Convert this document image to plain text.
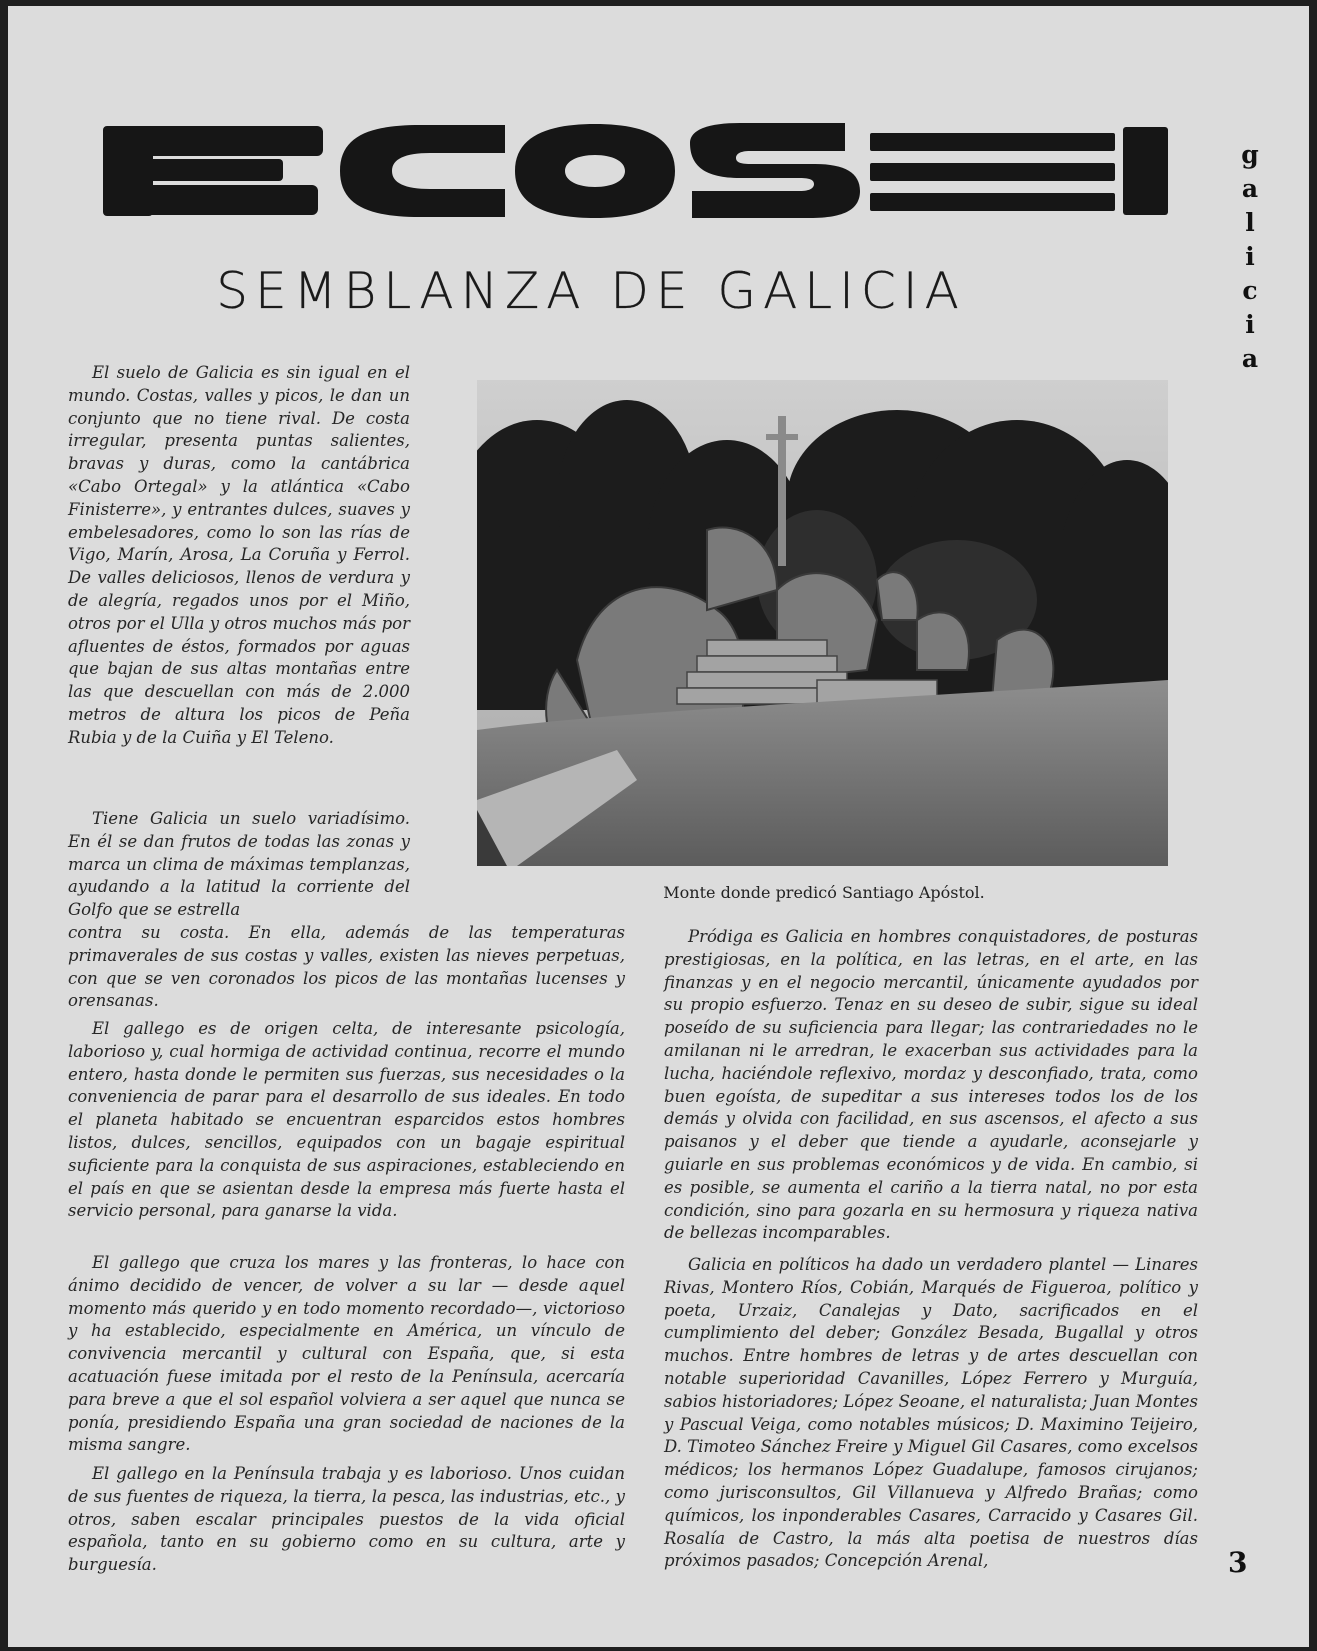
g
a
l
i
c
i
a
SEMBLANZA DE GALICIA
Monte donde predicó Santiago Apóstol.

El suelo de Galicia es sin igual en el mundo. Costas, valles y picos, le dan un conjunto que no tiene rival. De costa irregular, presenta puntas salientes, bravas y duras, como la cantábrica «Cabo Ortegal» y la atlántica «Cabo Finisterre», y entrantes dulces, suaves y embelesadores, como lo son las rías de Vigo, Marín, Arosa, La Coruña y Ferrol. De valles deliciosos, llenos de verdura y de alegría, regados unos por el Miño, otros por el Ulla y otros muchos más por afluentes de éstos, formados por aguas que bajan de sus altas montañas entre las que descuellan con más de 2.000 metros de altura los picos de Peña Rubia y de la Cuiña y El Teleno.

Tiene Galicia un suelo variadísimo. En él se dan frutos de todas las zonas y marca un clima de máximas templanzas, ayudando a la latitud la corriente del Golfo que se estrella

contra su costa. En ella, además de las temperaturas primaverales de sus costas y valles, existen las nieves perpetuas, con que se ven coronados los picos de las montañas lucenses y orensanas.

El gallego es de origen celta, de interesante psicología, laborioso y, cual hormiga de actividad continua, recorre el mundo entero, hasta donde le permiten sus fuerzas, sus necesidades o la conveniencia de parar para el desarrollo de sus ideales. En todo el planeta habitado se encuentran esparcidos estos hombres listos, dulces, sencillos, equipados con un bagaje espiritual suficiente para la conquista de sus aspiraciones, estableciendo en el país en que se asientan desde la empresa más fuerte hasta el servicio personal, para ganarse la vida.

El gallego que cruza los mares y las fronteras, lo hace con ánimo decidido de vencer, de volver a su lar — desde aquel momento más querido y en todo momento recordado—, victorioso y ha establecido, especialmente en América, un vínculo de convivencia mercantil y cultural con España, que, si esta acatuación fuese imitada por el resto de la Península, acercaría para breve a que el sol español volviera a ser aquel que nunca se ponía, presidiendo España una gran sociedad de naciones de la misma sangre.

El gallego en la Península trabaja y es laborioso. Unos cuidan de sus fuentes de riqueza, la tierra, la pesca, las industrias, etc., y otros, saben escalar principales puestos de la vida oficial española, tanto en su gobierno como en su cultura, arte y burguesía.

Pródiga es Galicia en hombres conquistadores, de posturas prestigiosas, en la política, en las letras, en el arte, en las finanzas y en el negocio mercantil, únicamente ayudados por su propio esfuerzo. Tenaz en su deseo de subir, sigue su ideal poseído de su suficiencia para llegar; las contrariedades no le amilanan ni le arredran, le exacerban sus actividades para la lucha, haciéndole reflexivo, mordaz y desconfiado, trata, como buen egoísta, de supeditar a sus intereses todos los de los demás y olvida con facilidad, en sus ascensos, el afecto a sus paisanos y el deber que tiende a ayudarle, aconsejarle y guiarle en sus problemas económicos y de vida. En cambio, si es posible, se aumenta el cariño a la tierra natal, no por esta condición, sino para gozarla en su hermosura y riqueza nativa de bellezas incomparables.

Galicia en políticos ha dado un verdadero plantel — Linares Rivas, Montero Ríos, Cobián, Marqués de Figueroa, político y poeta, Urzaiz, Canalejas y Dato, sacrificados en el cumplimiento del deber; González Besada, Bugallal y otros muchos. Entre hombres de letras y de artes descuellan con notable superioridad Cavanilles, López Ferrero y Murguía, sabios historiadores; López Seoane, el naturalista; Juan Montes y Pascual Veiga, como notables músicos; D. Maximino Teijeiro, D. Timoteo Sánchez Freire y Miguel Gil Casares, como excelsos médicos; los hermanos López Guadalupe, famosos cirujanos; como jurisconsultos, Gil Villanueva y Alfredo Brañas; como químicos, los inponderables Casares, Carracido y Casares Gil. Rosalía de Castro, la más alta poetisa de nuestros días próximos pasados; Concepción Arenal,	3
